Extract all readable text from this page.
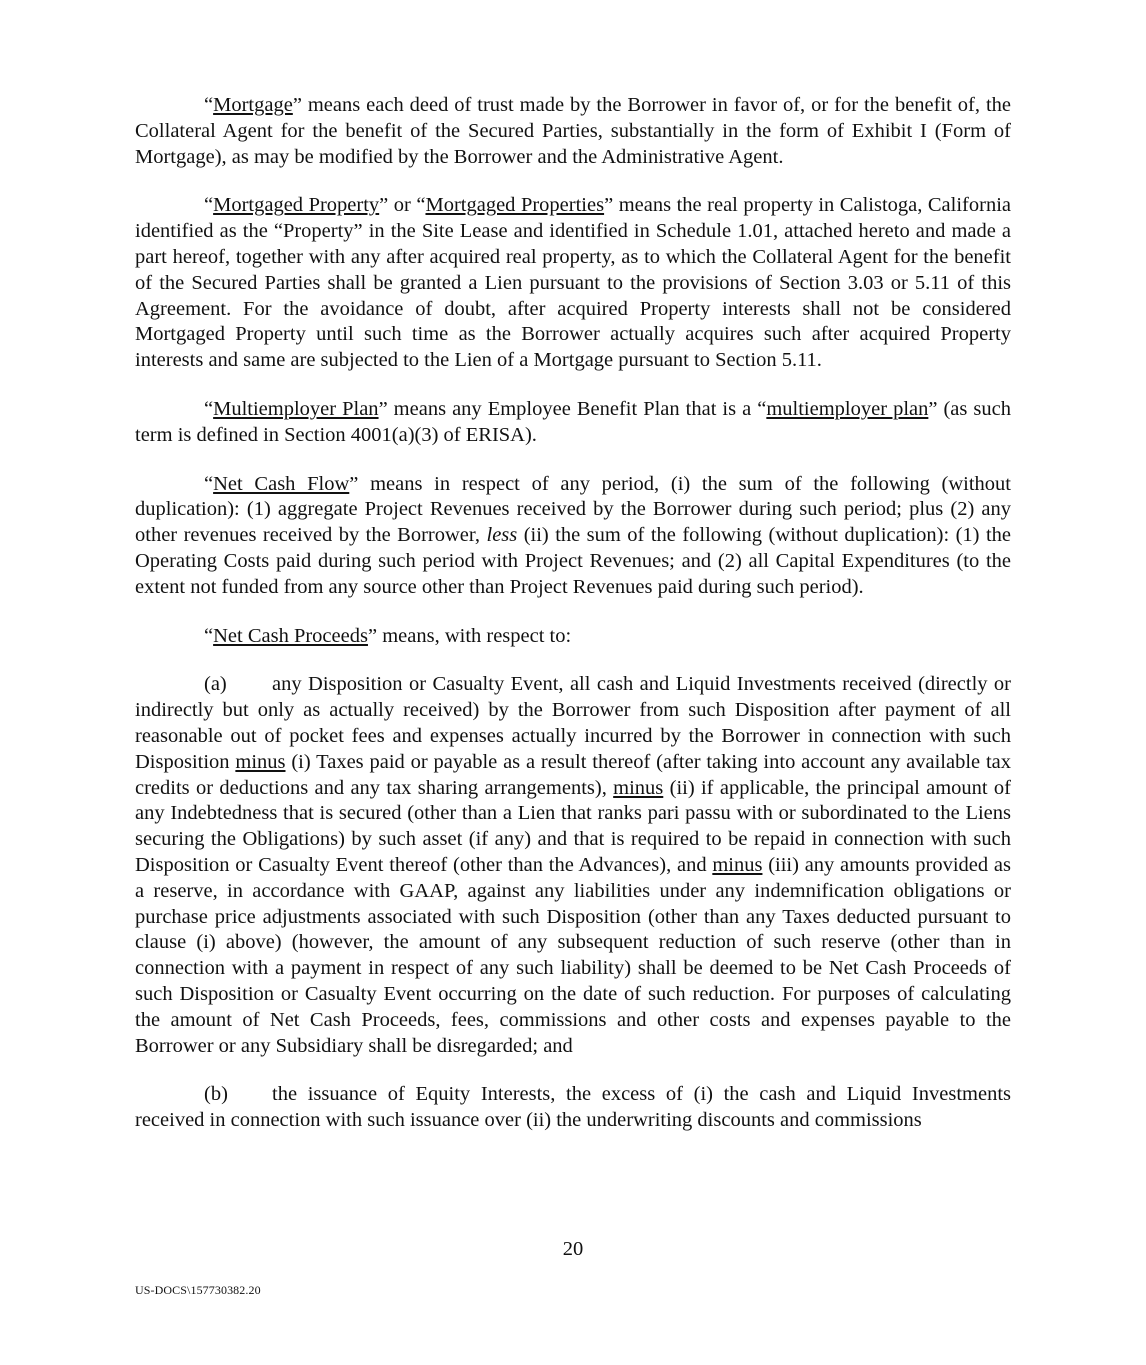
“Mortgage” means each deed of trust made by the Borrower in favor of, or for the benefit of, the Collateral Agent for the benefit of the Secured Parties, substantially in the form of Exhibit I (Form of Mortgage), as may be modified by the Borrower and the Administrative Agent.

“Mortgaged Property” or “Mortgaged Properties” means the real property in Calistoga, California identified as the “Property” in the Site Lease and identified in Schedule 1.01, attached hereto and made a part hereof, together with any after acquired real property, as to which the Collateral Agent for the benefit of the Secured Parties shall be granted a Lien pursuant to the provisions of Section 3.03 or 5.11 of this Agreement. For the avoidance of doubt, after acquired Property interests shall not be considered Mortgaged Property until such time as the Borrower actually acquires such after acquired Property interests and same are subjected to the Lien of a Mortgage pursuant to Section 5.11.

“Multiemployer Plan” means any Employee Benefit Plan that is a “multiemployer plan” (as such term is defined in Section 4001(a)(3) of ERISA).

“Net Cash Flow” means in respect of any period, (i) the sum of the following (without duplication): (1) aggregate Project Revenues received by the Borrower during such period; plus (2) any other revenues received by the Borrower, less (ii) the sum of the following (without duplication): (1) the Operating Costs paid during such period with Project Revenues; and (2) all Capital Expenditures (to the extent not funded from any source other than Project Revenues paid during such period).

“Net Cash Proceeds” means, with respect to:

(a) any Disposition or Casualty Event, all cash and Liquid Investments received (directly or indirectly but only as actually received) by the Borrower from such Disposition after payment of all reasonable out of pocket fees and expenses actually incurred by the Borrower in connection with such Disposition minus (i) Taxes paid or payable as a result thereof (after taking into account any available tax credits or deductions and any tax sharing arrangements), minus (ii) if applicable, the principal amount of any Indebtedness that is secured (other than a Lien that ranks pari passu with or subordinated to the Liens securing the Obligations) by such asset (if any) and that is required to be repaid in connection with such Disposition or Casualty Event thereof (other than the Advances), and minus (iii) any amounts provided as a reserve, in accordance with GAAP, against any liabilities under any indemnification obligations or purchase price adjustments associated with such Disposition (other than any Taxes deducted pursuant to clause (i) above) (however, the amount of any subsequent reduction of such reserve (other than in connection with a payment in respect of any such liability) shall be deemed to be Net Cash Proceeds of such Disposition or Casualty Event occurring on the date of such reduction. For purposes of calculating the amount of Net Cash Proceeds, fees, commissions and other costs and expenses payable to the Borrower or any Subsidiary shall be disregarded; and

(b) the issuance of Equity Interests, the excess of (i) the cash and Liquid Investments received in connection with such issuance over (ii) the underwriting discounts and commissions

20
US-DOCS\157730382.20
